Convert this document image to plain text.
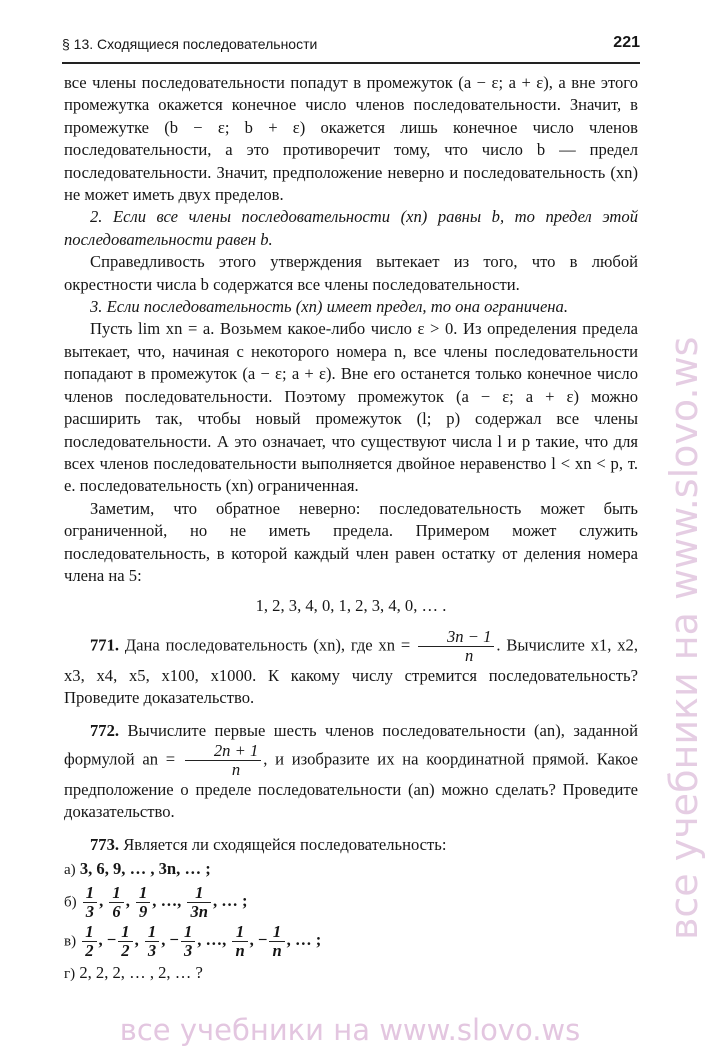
§ 13. Сходящиеся последовательности	221

все члены последовательности попадут в промежуток (a − ε; a + ε), а вне этого промежутка окажется конечное число членов последовательности. Значит, в промежутке (b − ε; b + ε) окажется лишь конечное число членов последовательности, а это противоречит тому, что число b — предел последовательности. Значит, предположение неверно и последовательность (xn) не может иметь двух пределов.

2. Если все члены последовательности (xn) равны b, то предел этой последовательности равен b.

Справедливость этого утверждения вытекает из того, что в любой окрестности числа b содержатся все члены последовательности.

3. Если последовательность (xn) имеет предел, то она ограничена.

Пусть lim xn = a. Возьмем какое-либо число ε > 0. Из определения предела вытекает, что, начиная с некоторого номера n, все члены последовательности попадают в промежуток (a − ε; a + ε). Вне его останется только конечное число членов последовательности. Поэтому промежуток (a − ε; a + ε) можно расширить так, чтобы новый промежуток (l; p) содержал все члены последовательности. А это означает, что существуют числа l и p такие, что для всех членов последовательности выполняется двойное неравенство l < xn < p, т. е. последовательность (xn) ограниченная.

Заметим, что обратное неверно: последовательность может быть ограниченной, но не иметь предела. Примером может служить последовательность, в которой каждый член равен остатку от деления номера члена на 5:

1, 2, 3, 4, 0, 1, 2, 3, 4, 0, … .

771. Дана последовательность (xn), где xn = $\frac{3n - 1}{n}$ . Вычислите x1, x2, x3, x4, x5, x100, x1000. К какому числу стремится последовательность? Проведите доказательство.

772. Вычислите первые шесть членов последовательности (an), заданной формулой an = $\frac{2n + 1}{n}$ , и изобразите их на координатной прямой. Какое предположение о пределе последовательности (an) можно сделать? Проведите доказательство.

773. Является ли сходящейся последовательность:

а) 3, 6, 9, … , 3n, … ;

$б) \frac{1}{3}$ , $\frac{1}{6}$ , $\frac{1}{9}$ , …, $\frac{1}{3n}$ , … ;

$в) \frac{1}{2}$ , − $\frac{1}{2}$ , $\frac{1}{3}$ , − $\frac{1}{3}$ , …, $\frac{1}{n}$ , − $\frac{1}{n}$ , … ;

г) 2, 2, 2, … , 2, … ?

все учебники на www.slovo.ws
все учебники на www.slovo.ws
